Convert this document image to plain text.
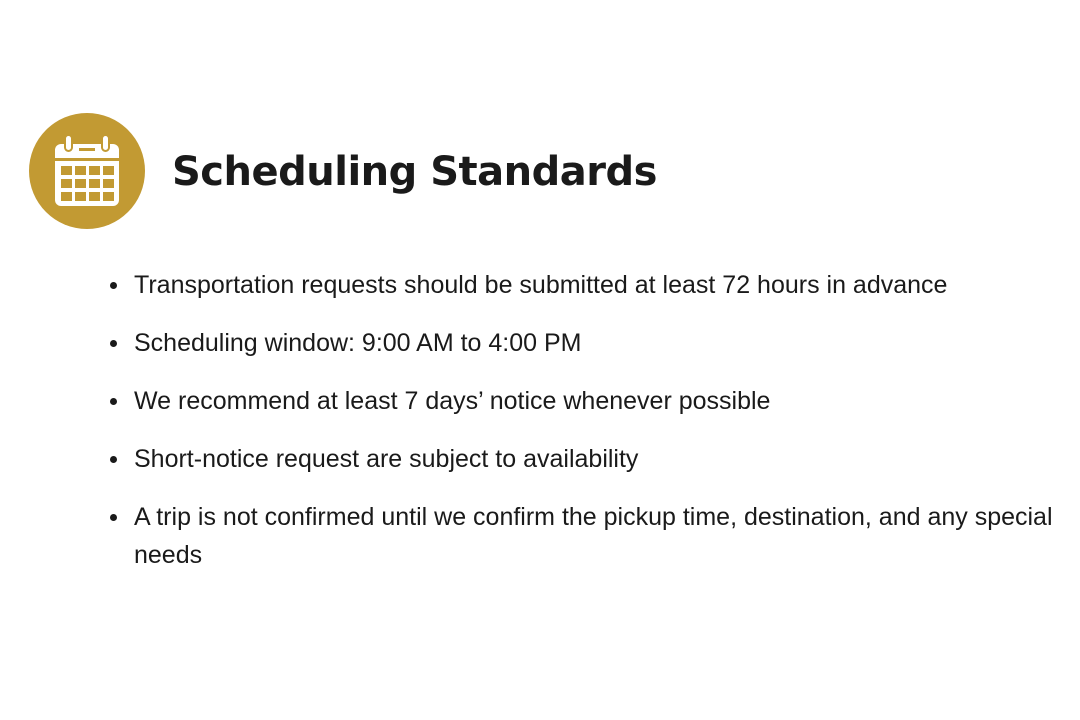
Scheduling Standards
Transportation requests should be submitted at least 72 hours in advance
Scheduling window: 9:00 AM to 4:00 PM
We recommend at least 7 days’ notice whenever possible
Short-notice request are subject to availability
A trip is not confirmed until we confirm the pickup time, destination, and any special needs
